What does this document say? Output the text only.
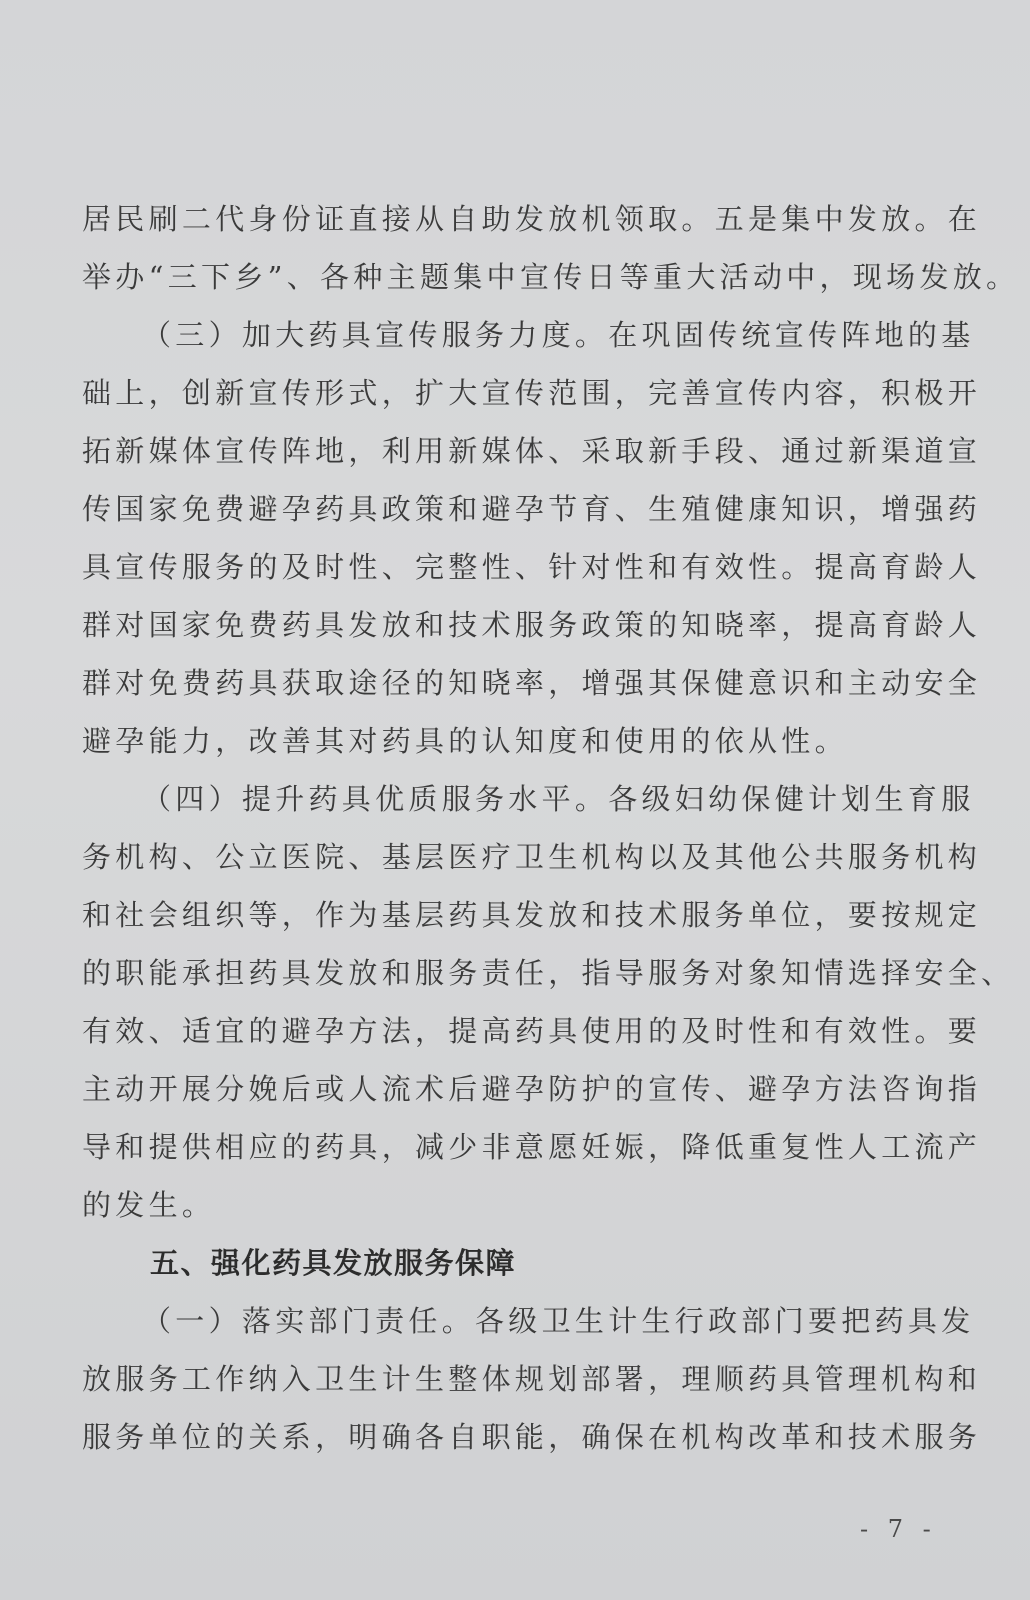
居民刷二代身份证直接从自助发放机领取。五是集中发放。在
举办“三下乡”、各种主题集中宣传日等重大活动中，现场发放。
（三）加大药具宣传服务力度。在巩固传统宣传阵地的基
础上，创新宣传形式，扩大宣传范围，完善宣传内容，积极开
拓新媒体宣传阵地，利用新媒体、采取新手段、通过新渠道宣
传国家免费避孕药具政策和避孕节育、生殖健康知识，增强药
具宣传服务的及时性、完整性、针对性和有效性。提高育龄人
群对国家免费药具发放和技术服务政策的知晓率，提高育龄人
群对免费药具获取途径的知晓率，增强其保健意识和主动安全
避孕能力，改善其对药具的认知度和使用的依从性。
（四）提升药具优质服务水平。各级妇幼保健计划生育服
务机构、公立医院、基层医疗卫生机构以及其他公共服务机构
和社会组织等，作为基层药具发放和技术服务单位，要按规定
的职能承担药具发放和服务责任，指导服务对象知情选择安全、
有效、适宜的避孕方法，提高药具使用的及时性和有效性。要
主动开展分娩后或人流术后避孕防护的宣传、避孕方法咨询指
导和提供相应的药具，减少非意愿妊娠，降低重复性人工流产
的发生。
五、强化药具发放服务保障
（一）落实部门责任。各级卫生计生行政部门要把药具发
放服务工作纳入卫生计生整体规划部署，理顺药具管理机构和
服务单位的关系，明确各自职能，确保在机构改革和技术服务
- 7 -
